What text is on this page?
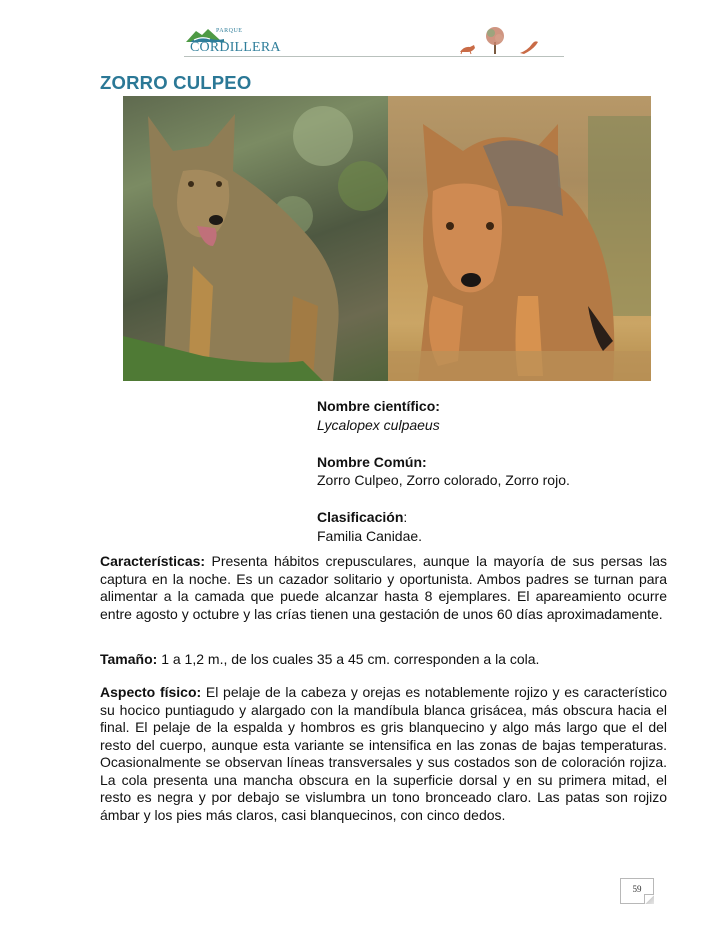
PARQUE
CORDILLERA
ZORRO CULPEO
Nombre científico:
Lycalopex culpaeus
Nombre Común:
Zorro Culpeo, Zorro colorado, Zorro rojo.
Clasificación:
Familia Canidae.

Características: Presenta hábitos crepusculares, aunque la mayoría de sus persas las captura en la noche. Es un cazador solitario y oportunista. Ambos padres se turnan para alimentar a la camada que puede alcanzar hasta 8 ejemplares. El apareamiento ocurre entre agosto y octubre y las crías tienen una gestación de unos 60 días aproximadamente.

Tamaño: 1 a 1,2 m., de los cuales 35 a 45 cm. corresponden a la cola.

Aspecto físico: El pelaje de la cabeza y orejas es notablemente rojizo y es característico su hocico puntiagudo y alargado con la mandíbula blanca grisácea, más obscura hacia el final. El pelaje de la espalda y hombros es gris blanquecino y algo más largo que el del resto del cuerpo, aunque esta variante se intensifica en las zonas de bajas temperaturas. Ocasionalmente se observan líneas transversales y sus costados son de coloración rojiza. La cola presenta una mancha obscura en la superficie dorsal y en su primera mitad, el resto es negra y por debajo se vislumbra un tono bronceado claro. Las patas son rojizo ámbar y los pies más claros, casi blanquecinos, con cinco dedos.

59
